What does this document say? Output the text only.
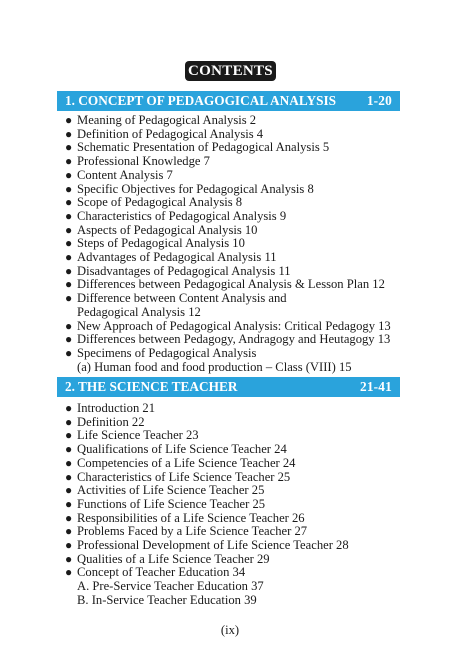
CONTENTS
1. CONCEPT OF PEDAGOGICAL ANALYSIS 1-20
● Meaning of Pedagogical Analysis 2
● Definition of Pedagogical Analysis 4
● Schematic Presentation of Pedagogical Analysis 5
● Professional Knowledge 7
● Content Analysis 7
● Specific Objectives for Pedagogical Analysis 8
● Scope of Pedagogical Analysis 8
● Characteristics of Pedagogical Analysis 9
● Aspects of Pedagogical Analysis 10
● Steps of Pedagogical Analysis 10
● Advantages of Pedagogical Analysis 11
● Disadvantages of Pedagogical Analysis 11
● Differences between Pedagogical Analysis & Lesson Plan 12
● Difference between Content Analysis and
Pedagogical Analysis 12
● New Approach of Pedagogical Analysis: Critical Pedagogy 13
● Differences between Pedagogy, Andragogy and Heutagogy 13
● Specimens of Pedagogical Analysis
(a) Human food and food production – Class (VIII) 15
2. THE SCIENCE TEACHER	21-41
● Introduction 21
● Definition 22
● Life Science Teacher 23
● Qualifications of Life Science Teacher 24
● Competencies of a Life Science Teacher 24
● Characteristics of Life Science Teacher 25
● Activities of Life Science Teacher 25
● Functions of Life Science Teacher 25
● Responsibilities of a Life Science Teacher 26
● Problems Faced by a Life Science Teacher 27
● Professional Development of Life Science Teacher 28
● Qualities of a Life Science Teacher 29
● Concept of Teacher Education 34
A. Pre-Service Teacher Education 37
B. In-Service Teacher Education 39
(ix)
